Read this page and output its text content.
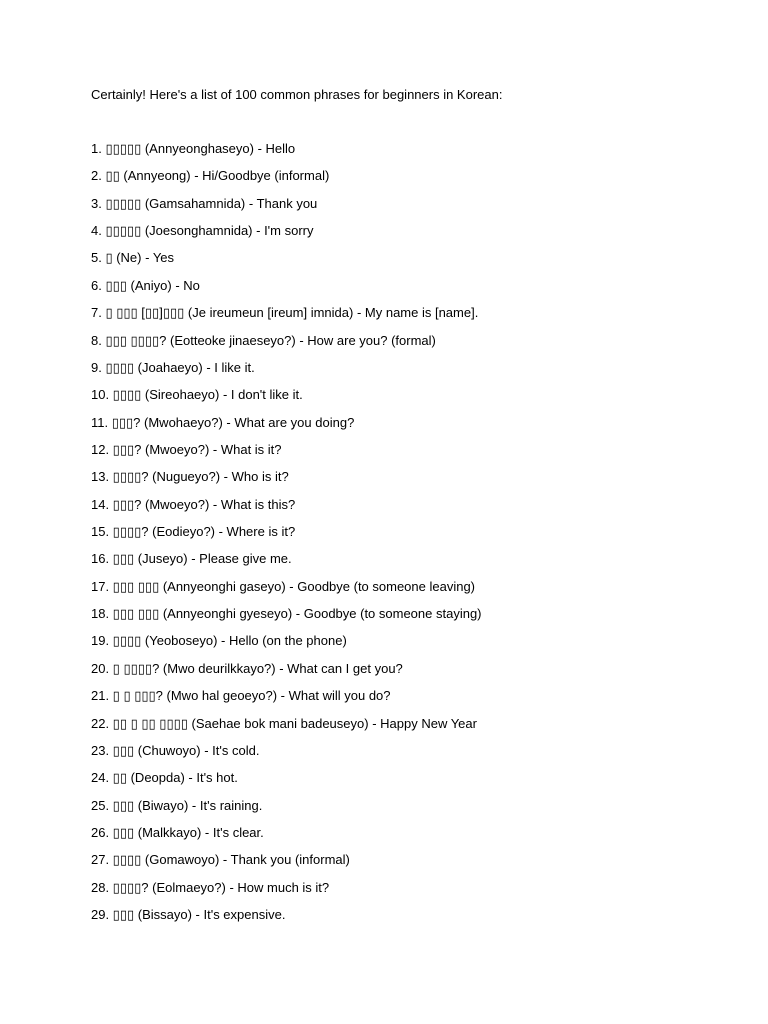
Certainly! Here's a list of 100 common phrases for beginners in Korean:
1. ▯▯▯▯▯ (Annyeonghaseyo) - Hello
2. ▯▯ (Annyeong) - Hi/Goodbye (informal)
3. ▯▯▯▯▯ (Gamsahamnida) - Thank you
4. ▯▯▯▯▯ (Joesonghamnida) - I'm sorry
5. ▯ (Ne) - Yes
6. ▯▯▯ (Aniyo) - No
7. ▯ ▯▯▯ [▯▯]▯▯▯ (Je ireumeun [ireum] imnida) - My name is [name].
8. ▯▯▯ ▯▯▯▯? (Eotteoke jinaeseyo?) - How are you? (formal)
9. ▯▯▯▯ (Joahaeyo) - I like it.
10. ▯▯▯▯ (Sireohaeyo) - I don't like it.
11. ▯▯▯? (Mwohaeyo?) - What are you doing?
12. ▯▯▯? (Mwoeyo?) - What is it?
13. ▯▯▯▯? (Nugueyo?) - Who is it?
14. ▯▯▯? (Mwoeyo?) - What is this?
15. ▯▯▯▯? (Eodieyo?) - Where is it?
16. ▯▯▯ (Juseyo) - Please give me.
17. ▯▯▯ ▯▯▯ (Annyeonghi gaseyo) - Goodbye (to someone leaving)
18. ▯▯▯ ▯▯▯ (Annyeonghi gyeseyo) - Goodbye (to someone staying)
19. ▯▯▯▯ (Yeoboseyo) - Hello (on the phone)
20. ▯ ▯▯▯▯? (Mwo deurilkkayo?) - What can I get you?
21. ▯ ▯ ▯▯▯? (Mwo hal geoeyo?) - What will you do?
22. ▯▯ ▯ ▯▯ ▯▯▯▯ (Saehae bok mani badeuseyo) - Happy New Year
23. ▯▯▯ (Chuwoyo) - It's cold.
24. ▯▯ (Deopda) - It's hot.
25. ▯▯▯ (Biwayo) - It's raining.
26. ▯▯▯ (Malkkayo) - It's clear.
27. ▯▯▯▯ (Gomawoyo) - Thank you (informal)
28. ▯▯▯▯? (Eolmaeyo?) - How much is it?
29. ▯▯▯ (Bissayo) - It's expensive.
